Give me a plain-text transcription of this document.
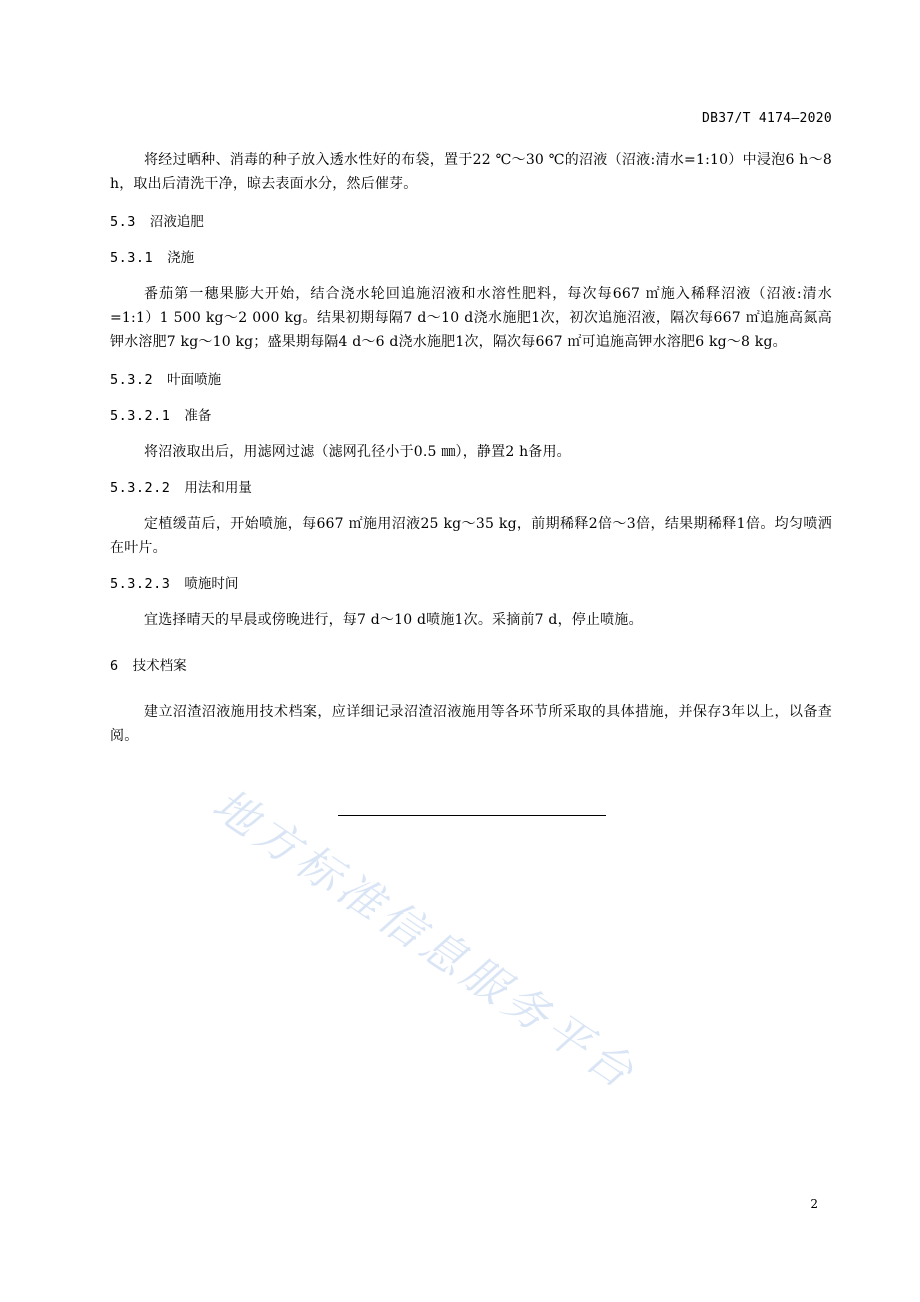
DB37/T 4174—2020

将经过晒种、消毒的种子放入透水性好的布袋，置于22 ℃～30 ℃的沼液（沼液:清水=1:10）中浸泡6 h～8 h，取出后清洗干净，晾去表面水分，然后催芽。

5.3 沼液追肥
5.3.1 浇施

番茄第一穗果膨大开始，结合浇水轮回追施沼液和水溶性肥料，每次每667 ㎡施入稀释沼液（沼液:清水=1:1）1 500 kg～2 000 kg。结果初期每隔7 d～10 d浇水施肥1次，初次追施沼液，隔次每667 ㎡追施高氮高钾水溶肥7 kg～10 kg；盛果期每隔4 d～6 d浇水施肥1次，隔次每667 ㎡可追施高钾水溶肥6 kg～8 kg。

5.3.2 叶面喷施
5.3.2.1 准备

将沼液取出后，用滤网过滤（滤网孔径小于0.5 ㎜），静置2 h备用。

5.3.2.2 用法和用量

定植缓苗后，开始喷施，每667 ㎡施用沼液25 kg～35 kg，前期稀释2倍～3倍，结果期稀释1倍。均匀喷洒在叶片。

5.3.2.3 喷施时间

宜选择晴天的早晨或傍晚进行，每7 d～10 d喷施1次。采摘前7 d，停止喷施。

6 技术档案

建立沼渣沼液施用技术档案，应详细记录沼渣沼液施用等各环节所采取的具体措施，并保存3年以上，以备查阅。

地方标准信息服务平台
2
